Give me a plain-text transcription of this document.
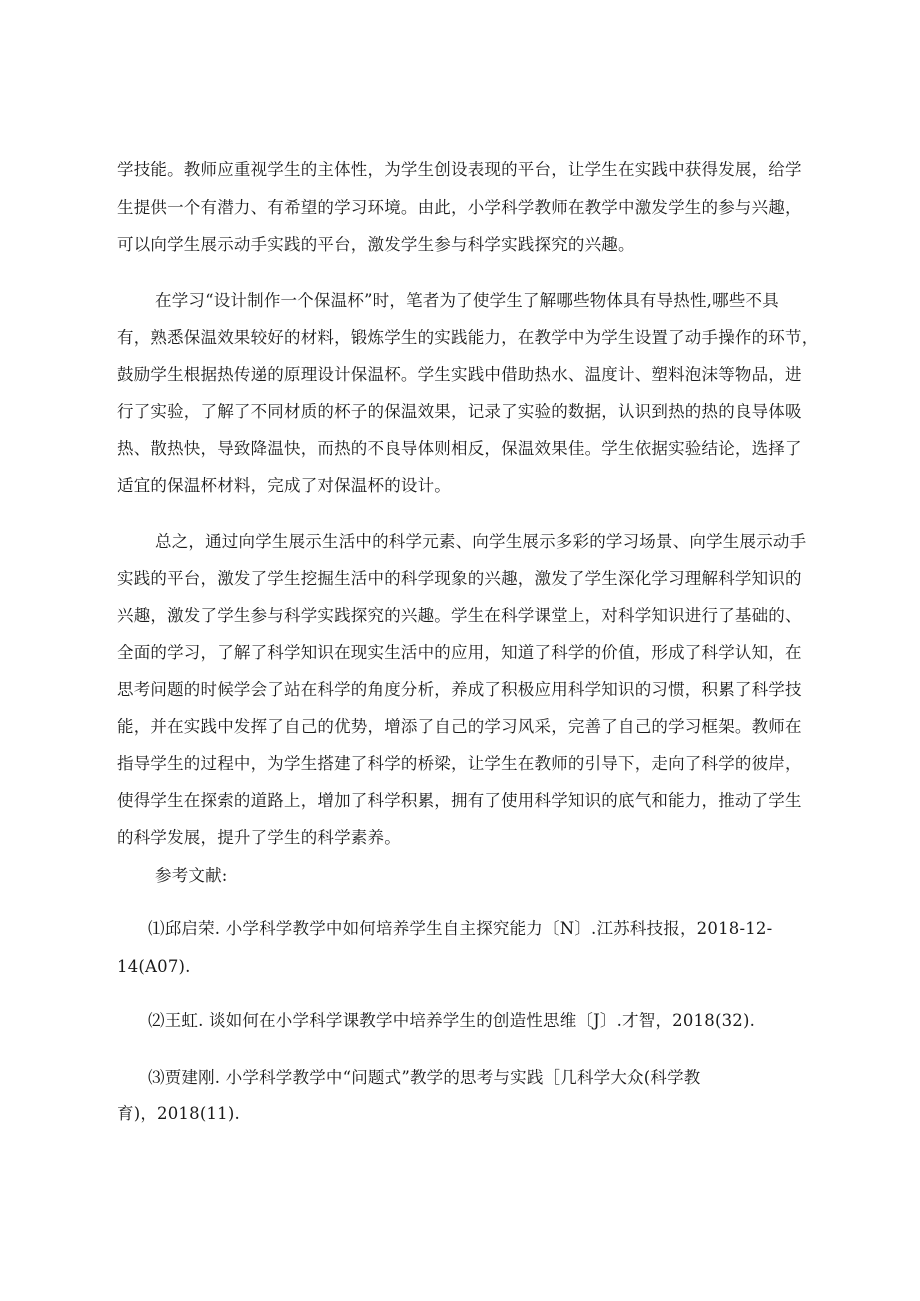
学技能。教师应重视学生的主体性，为学生创设表现的平台，让学生在实践中获得发展，给学
生提供一个有潜力、有希望的学习环境。由此，小学科学教师在教学中激发学生的参与兴趣，
可以向学生展示动手实践的平台，激发学生参与科学实践探究的兴趣。
在学习“设计制作一个保温杯”时，笔者为了使学生了解哪些物体具有导热性,哪些不具
有，熟悉保温效果较好的材料，锻炼学生的实践能力，在教学中为学生设置了动手操作的环节，
鼓励学生根据热传递的原理设计保温杯。学生实践中借助热水、温度计、塑料泡沫等物品，进
行了实验，了解了不同材质的杯子的保温效果，记录了实验的数据，认识到热的热的良导体吸
热、散热快，导致降温快，而热的不良导体则相反，保温效果佳。学生依据实验结论，选择了
适宜的保温杯材料，完成了对保温杯的设计。
总之，通过向学生展示生活中的科学元素、向学生展示多彩的学习场景、向学生展示动手
实践的平台，激发了学生挖掘生活中的科学现象的兴趣，激发了学生深化学习理解科学知识的
兴趣，激发了学生参与科学实践探究的兴趣。学生在科学课堂上，对科学知识进行了基础的、
全面的学习，了解了科学知识在现实生活中的应用，知道了科学的价值，形成了科学认知，在
思考问题的时候学会了站在科学的角度分析，养成了积极应用科学知识的习惯，积累了科学技
能，并在实践中发挥了自己的优势，增添了自己的学习风采，完善了自己的学习框架。教师在
指导学生的过程中，为学生搭建了科学的桥梁，让学生在教师的引导下，走向了科学的彼岸，
使得学生在探索的道路上，增加了科学积累，拥有了使用科学知识的底气和能力，推动了学生
的科学发展，提升了学生的科学素养。
参考文献:
⑴邱启荣. 小学科学教学中如何培养学生自主探究能力〔N〕.江苏科技报，2018-12-
14(A07).
⑵王虹. 谈如何在小学科学课教学中培养学生的创造性思维〔J〕.才智，2018(32).
⑶贾建刚. 小学科学教学中“问题式”教学的思考与实践［几科学大众(科学教
育)，2018(11).
